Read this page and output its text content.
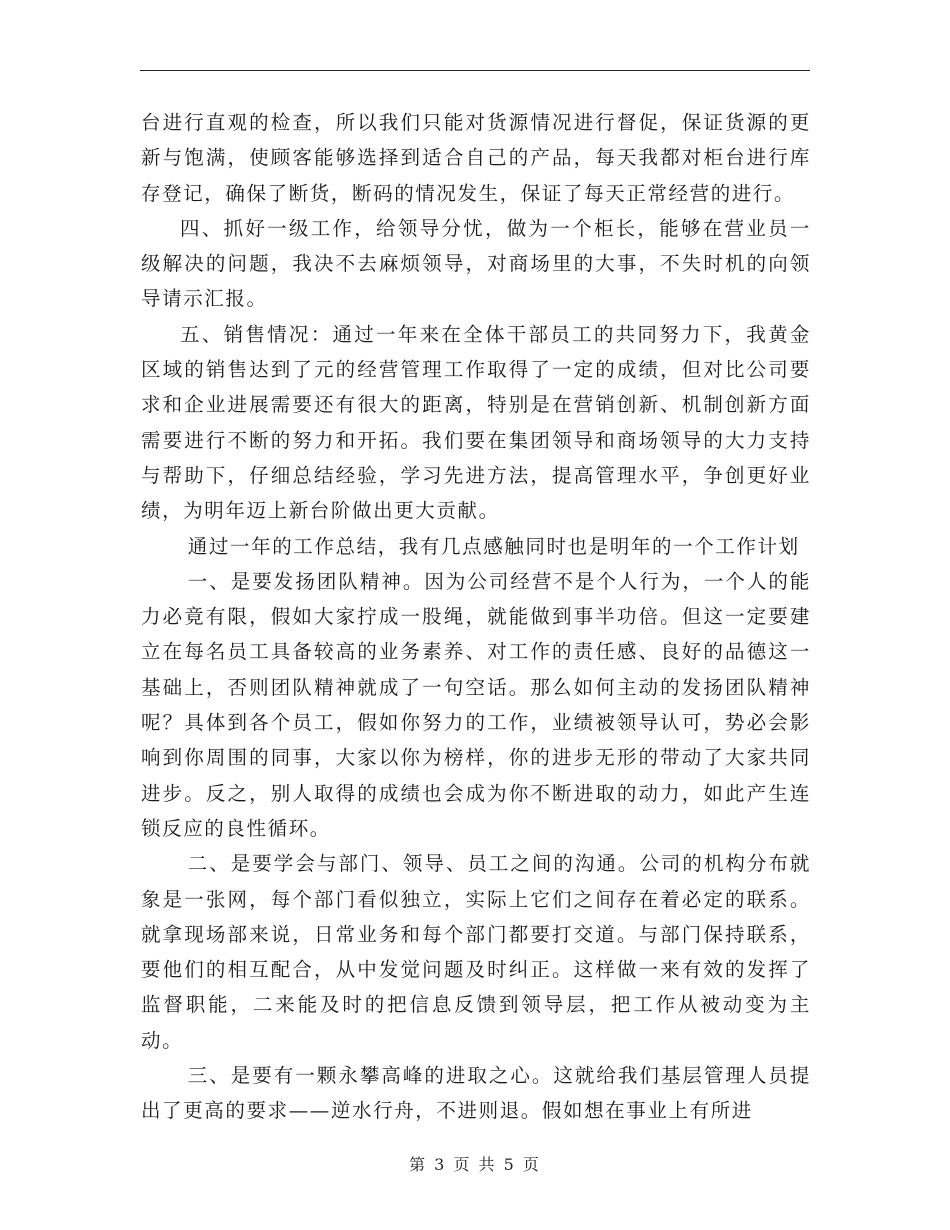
台进行直观的检查，所以我们只能对货源情况进行督促，保证货源的更新与饱满，使顾客能够选择到适合自己的产品，每天我都对柜台进行库存登记，确保了断货，断码的情况发生，保证了每天正常经营的进行。

四、抓好一级工作，给领导分忧，做为一个柜长，能够在营业员一级解决的问题，我决不去麻烦领导，对商场里的大事，不失时机的向领导请示汇报。

五、销售情况：通过一年来在全体干部员工的共同努力下，我黄金区域的销售达到了元的经营管理工作取得了一定的成绩，但对比公司要求和企业进展需要还有很大的距离，特别是在营销创新、机制创新方面需要进行不断的努力和开拓。我们要在集团领导和商场领导的大力支持与帮助下，仔细总结经验，学习先进方法，提高管理水平，争创更好业绩，为明年迈上新台阶做出更大贡献。

通过一年的工作总结，我有几点感触同时也是明年的一个工作计划

一、是要发扬团队精神。因为公司经营不是个人行为，一个人的能力必竟有限，假如大家拧成一股绳，就能做到事半功倍。但这一定要建立在每名员工具备较高的业务素养、对工作的责任感、良好的品德这一基础上，否则团队精神就成了一句空话。那么如何主动的发扬团队精神呢？具体到各个员工，假如你努力的工作，业绩被领导认可，势必会影响到你周围的同事，大家以你为榜样，你的进步无形的带动了大家共同进步。反之，别人取得的成绩也会成为你不断进取的动力，如此产生连锁反应的良性循环。

二、是要学会与部门、领导、员工之间的沟通。公司的机构分布就象是一张网，每个部门看似独立，实际上它们之间存在着必定的联系。就拿现场部来说，日常业务和每个部门都要打交道。与部门保持联系，要他们的相互配合，从中发觉问题及时纠正。这样做一来有效的发挥了监督职能，二来能及时的把信息反馈到领导层，把工作从被动变为主动。

三、是要有一颗永攀高峰的进取之心。这就给我们基层管理人员提出了更高的要求——逆水行舟，不进则退。假如想在事业上有所进

第 3 页 共 5 页
